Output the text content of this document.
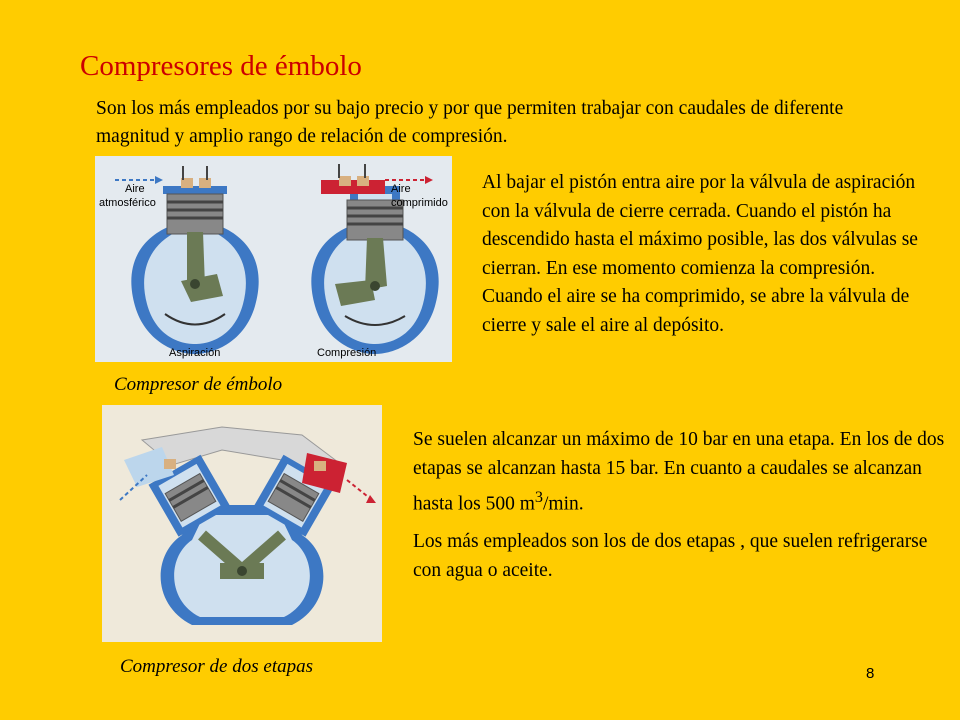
Compresores de émbolo
Son los más empleados por su bajo precio y por que permiten trabajar con caudales de diferente magnitud y amplio rango de relación de compresión.
Aire
atmosférico
Aire
comprimido
Aspiración	Compresión
Compresor de émbolo
Al bajar el pistón entra aire por la válvula de aspiración con la válvula de cierre cerrada. Cuando el pistón ha descendido hasta el máximo posible, las dos válvulas se cierran. En ese momento comienza la compresión. Cuando el aire se ha comprimido, se abre la válvula de cierre y sale el aire al depósito.
Compresor de dos etapas
Se suelen alcanzar un máximo de 10 bar en una etapa. En los de dos etapas se alcanzan hasta 15 bar. En cuanto a caudales se alcanzan hasta los 500 $m^3/\min$.
Los más empleados son los de dos etapas , que suelen refrigerarse con agua o aceite.
8
